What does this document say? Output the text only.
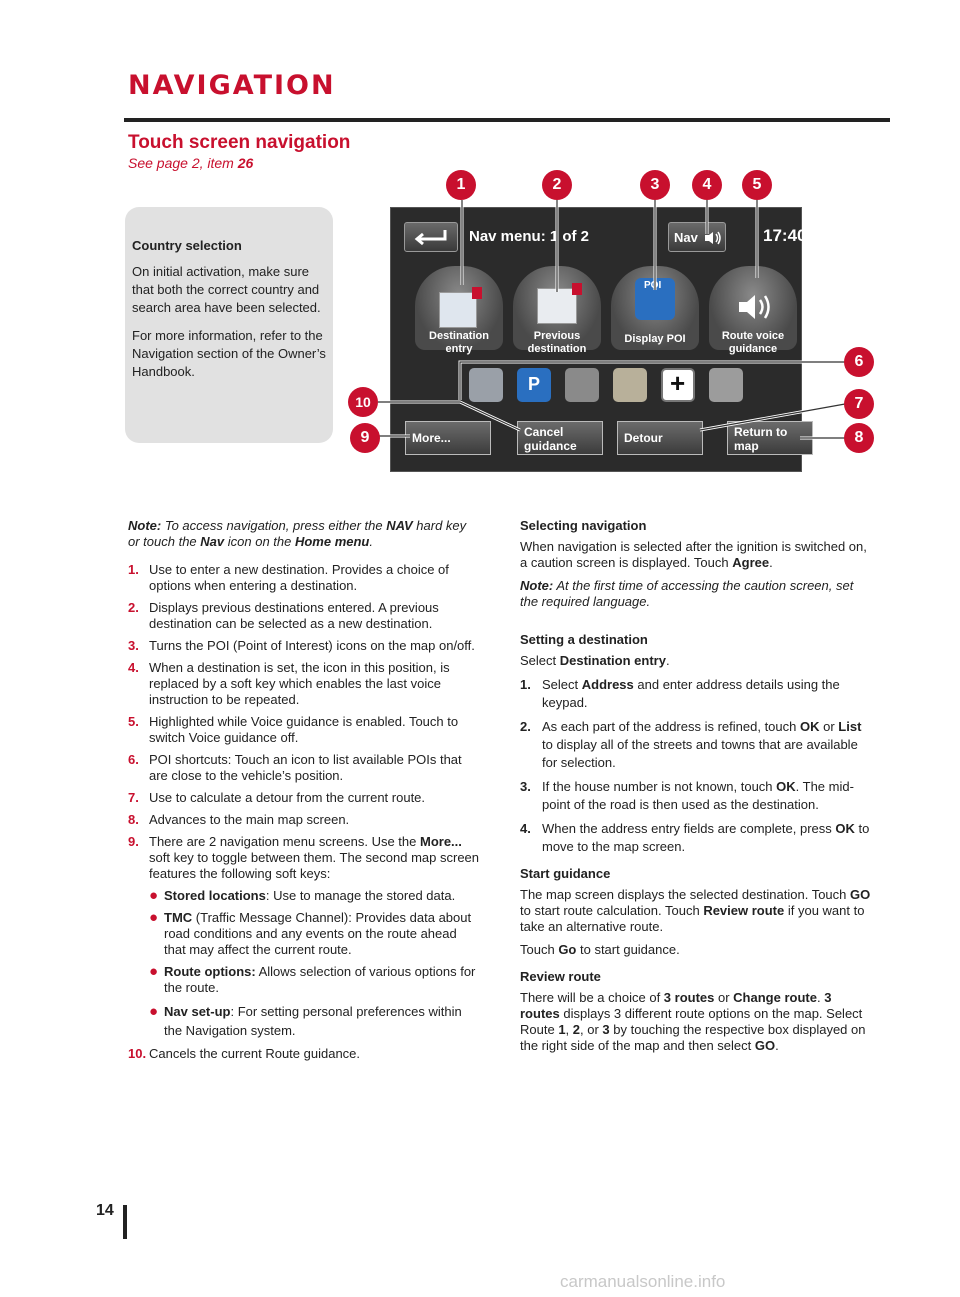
NAVIGATION
Touch screen navigation
See page 2, item 26

Country selection

On initial activation, make sure that both the correct country and search area have been selected.

For more information, refer to the Navigation section of the Owner’s Handbook.

Nav menu: 1 of 2	Nav	17:40
Destination
entry
Previous
destination
POI
Display POI	Route voice
guidance
P	+
More...	Cancel
guidance
Detour	Return to
map
1	2	3	4	5
6
7
8
9
10

Note: To access navigation, press either the NAV hard key or touch the Nav icon on the Home menu.

1. Use to enter a new destination. Provides a choice of options when entering a destination.
2. Displays previous destinations entered. A previous destination can be selected as a new destination.
3. Turns the POI (Point of Interest) icons on the map on/off.
4. When a destination is set, the icon in this position, is replaced by a soft key which enables the last voice instruction to be repeated.
5. Highlighted while Voice guidance is enabled. Touch to switch Voice guidance off.
6. POI shortcuts: Touch an icon to list available POIs that are close to the vehicle’s position.
7. Use to calculate a detour from the current route.
8. Advances to the main map screen.
9. There are 2 navigation menu screens. Use the More... soft key to toggle between them. The second map screen features the following soft keys:
● Stored locations: Use to manage the stored data.
● TMC (Traffic Message Channel): Provides data about road conditions and any events on the route ahead that may affect the current route.
● Route options: Allows selection of various options for the route.
● Nav set-up: For setting personal preferences within the Navigation system.
10. Cancels the current Route guidance.

Selecting navigation

When navigation is selected after the ignition is switched on, a caution screen is displayed. Touch Agree.

Note: At the first time of accessing the caution screen, set the required language.

Setting a destination

Select Destination entry.

1. Select Address and enter address details using the keypad.
2. As each part of the address is refined, touch OK or List to display all of the streets and towns that are available for selection.
3. If the house number is not known, touch OK. The mid-point of the road is then used as the destination.
4. When the address entry fields are complete, press OK to move to the map screen.

Start guidance

The map screen displays the selected destination. Touch GO to start route calculation. Touch Review route if you want to take an alternative route.

Touch Go to start guidance.

Review route

There will be a choice of 3 routes or Change route. 3 routes displays 3 different route options on the map. Select Route 1, 2, or 3 by touching the respective box displayed on the right side of the map and then select GO.

14
carmanualsonline.info
